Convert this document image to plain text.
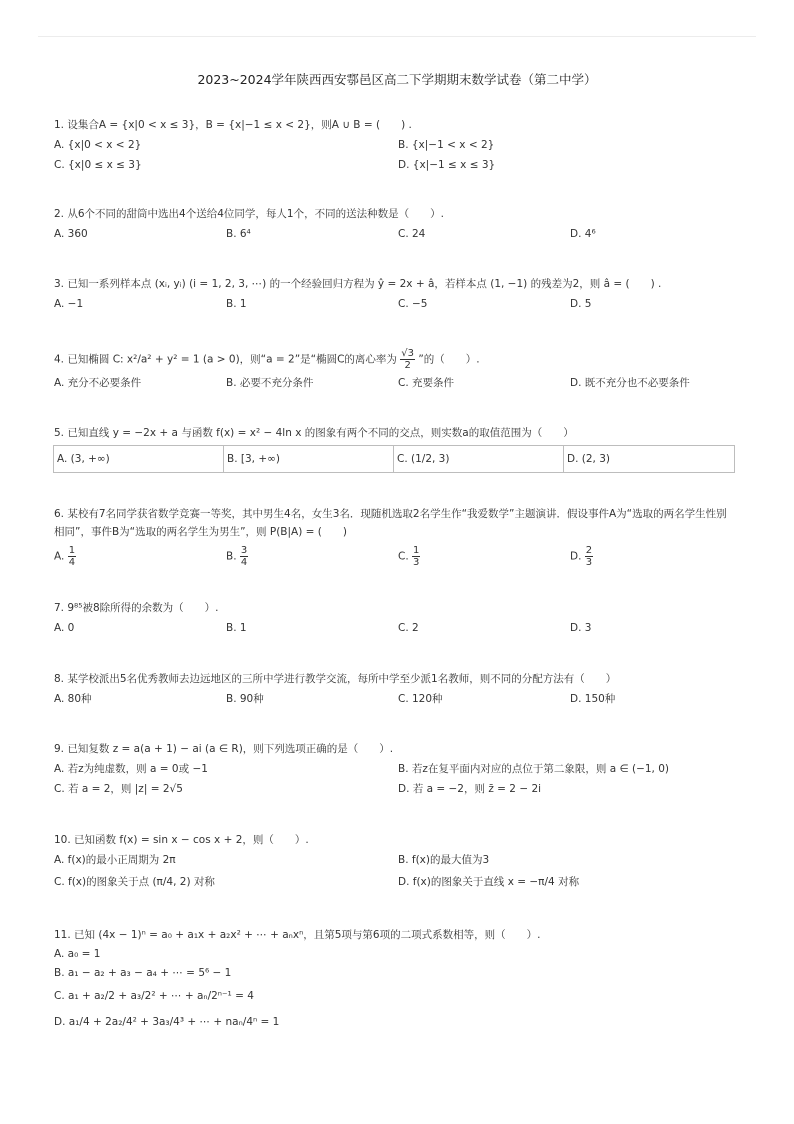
2023~2024学年陕西西安鄠邑区高二下学期期末数学试卷（第二中学）
1. 设集合A = {x|0 < x ≤ 3}，B = {x|−1 ≤ x < 2}，则A ∪ B = (　　) .
A. {x|0 < x < 2}	B. {x|−1 < x < 2}
C. {x|0 ≤ x ≤ 3}	D. {x|−1 ≤ x ≤ 3}
2. 从6个不同的甜筒中选出4个送给4位同学，每人1个，不同的送法种数是（　　）.
A. 360	B. 6⁴	C. 24	D. 4⁶
3. 已知一系列样本点 (xᵢ, yᵢ) (i = 1, 2, 3, ⋯) 的一个经验回归方程为 ŷ = 2x + â，若样本点 (1, −1) 的残差为2，则 â = (　　) .
A. −1	B. 1	C. −5	D. 5
4. 已知椭圆 C: x²/a² + y² = 1 (a > 0)，则“a = 2”是“椭圆C的离心率为 $\frac{√3}{2}$ ”的（　　）.
A. 充分不必要条件	B. 必要不充分条件	C. 充要条件	D. 既不充分也不必要条件
5. 已知直线 y = −2x + a 与函数 f(x) = x² − 4ln x 的图象有两个不同的交点，则实数a的取值范围为（　　）
A. (3, +∞)	B. [3, +∞)	C. (1/2, 3)	D. (2, 3)
6. 某校有7名同学获省数学竞赛一等奖，其中男生4名，女生3名．现随机选取2名学生作“我爱数学”主题演讲．假设事件A为“选取的两名学生性别
相同”，事件B为“选取的两名学生为男生”，则 P(B|A) = (　　)
A. $\frac{1}{4}$	B. $\frac{3}{4}$	C. $\frac{1}{3}$	D. $\frac{2}{3}$
7. 9⁸⁵被8除所得的余数为（　　）.
A. 0	B. 1	C. 2	D. 3
8. 某学校派出5名优秀教师去边远地区的三所中学进行教学交流，每所中学至少派1名教师，则不同的分配方法有（　　）
A. 80种	B. 90种	C. 120种	D. 150种
9. 已知复数 z = a(a + 1) − ai (a ∈ R)，则下列选项正确的是（　　）.
A. 若z为纯虚数，则 a = 0或 −1	B. 若z在复平面内对应的点位于第二象限，则 a ∈ (−1, 0)
C. 若 a = 2，则 |z| = 2√5	D. 若 a = −2，则 z̄ = 2 − 2i
10. 已知函数 f(x) = sin x − cos x + 2，则（　　）.
A. f(x)的最小正周期为 2π	B. f(x)的最大值为3
C. f(x)的图象关于点 (π/4, 2) 对称	D. f(x)的图象关于直线 x = −π/4 对称
11. 已知 (4x − 1)ⁿ = a₀ + a₁x + a₂x² + ⋯ + aₙxⁿ，且第5项与第6项的二项式系数相等，则（　　）.
A. a₀ = 1
B. a₁ − a₂ + a₃ − a₄ + ⋯ = 5⁶ − 1
C. a₁ + a₂/2 + a₃/2² + ⋯ + aₙ/2ⁿ⁻¹ = 4
D. a₁/4 + 2a₂/4² + 3a₃/4³ + ⋯ + naₙ/4ⁿ = 1
